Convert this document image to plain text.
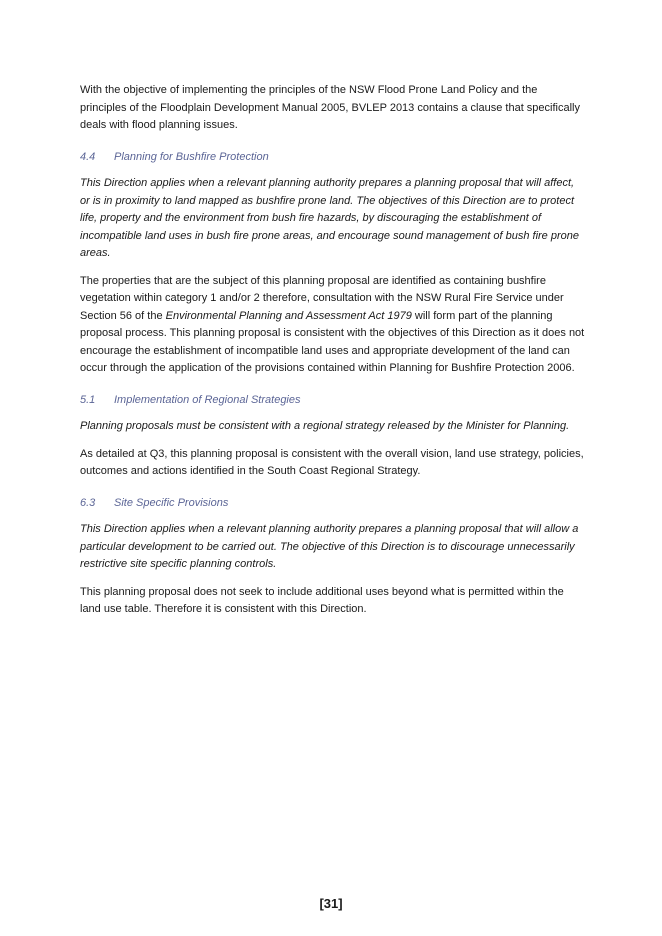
With the objective of implementing the principles of the NSW Flood Prone Land Policy and the principles of the Floodplain Development Manual 2005, BVLEP 2013 contains a clause that specifically deals with flood planning issues.

4.4 Planning for Bushfire Protection

This Direction applies when a relevant planning authority prepares a planning proposal that will affect, or is in proximity to land mapped as bushfire prone land. The objectives of this Direction are to protect life, property and the environment from bush fire hazards, by discouraging the establishment of incompatible land uses in bush fire prone areas, and encourage sound management of bush fire prone areas.

The properties that are the subject of this planning proposal are identified as containing bushfire vegetation within category 1 and/or 2 therefore, consultation with the NSW Rural Fire Service under Section 56 of the Environmental Planning and Assessment Act 1979 will form part of the planning proposal process. This planning proposal is consistent with the objectives of this Direction as it does not encourage the establishment of incompatible land uses and appropriate development of the land can occur through the application of the provisions contained within Planning for Bushfire Protection 2006.

5.1 Implementation of Regional Strategies

Planning proposals must be consistent with a regional strategy released by the Minister for Planning.

As detailed at Q3, this planning proposal is consistent with the overall vision, land use strategy, policies, outcomes and actions identified in the South Coast Regional Strategy.

6.3 Site Specific Provisions

This Direction applies when a relevant planning authority prepares a planning proposal that will allow a particular development to be carried out. The objective of this Direction is to discourage unnecessarily restrictive site specific planning controls.

This planning proposal does not seek to include additional uses beyond what is permitted within the land use table. Therefore it is consistent with this Direction.

[31]
